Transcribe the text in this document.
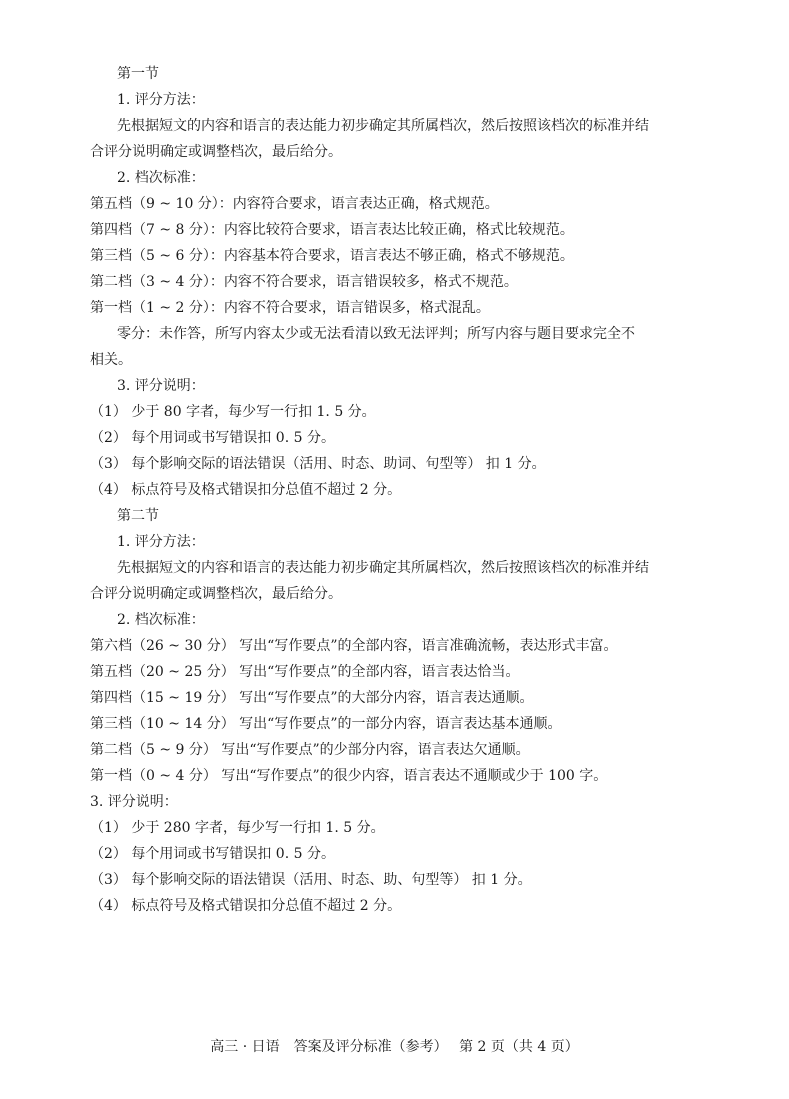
第一节
1. 评分方法：
先根据短文的内容和语言的表达能力初步确定其所属档次，然后按照该档次的标准并结
合评分说明确定或调整档次，最后给分。
2. 档次标准：
第五档（9 ~ 10 分）：内容符合要求，语言表达正确，格式规范。
第四档（7 ~ 8 分）：内容比较符合要求，语言表达比较正确，格式比较规范。
第三档（5 ~ 6 分）：内容基本符合要求，语言表达不够正确，格式不够规范。
第二档（3 ~ 4 分）：内容不符合要求，语言错误较多，格式不规范。
第一档（1 ~ 2 分）：内容不符合要求，语言错误多，格式混乱。
零分：未作答，所写内容太少或无法看清以致无法评判；所写内容与题目要求完全不
相关。
3. 评分说明：
（1） 少于 80 字者，每少写一行扣 1. 5 分。
（2） 每个用词或书写错误扣 0. 5 分。
（3） 每个影响交际的语法错误（活用、时态、助词、句型等） 扣 1 分。
（4） 标点符号及格式错误扣分总值不超过 2 分。
第二节
1. 评分方法：
先根据短文的内容和语言的表达能力初步确定其所属档次，然后按照该档次的标准并结
合评分说明确定或调整档次，最后给分。
2. 档次标准：
第六档（26 ~ 30 分） 写出“写作要点”的全部内容，语言准确流畅，表达形式丰富。
第五档（20 ~ 25 分） 写出“写作要点”的全部内容，语言表达恰当。
第四档（15 ~ 19 分） 写出“写作要点”的大部分内容，语言表达通顺。
第三档（10 ~ 14 分） 写出“写作要点”的一部分内容，语言表达基本通顺。
第二档（5 ~ 9 分） 写出“写作要点”的少部分内容，语言表达欠通顺。
第一档（0 ~ 4 分） 写出“写作要点”的很少内容，语言表达不通顺或少于 100 字。
3. 评分说明：
（1） 少于 280 字者，每少写一行扣 1. 5 分。
（2） 每个用词或书写错误扣 0. 5 分。
（3） 每个影响交际的语法错误（活用、时态、助、句型等） 扣 1 分。
（4） 标点符号及格式错误扣分总值不超过 2 分。
高三 · 日语　答案及评分标准（参考）　 第 2 页（共 4 页）
